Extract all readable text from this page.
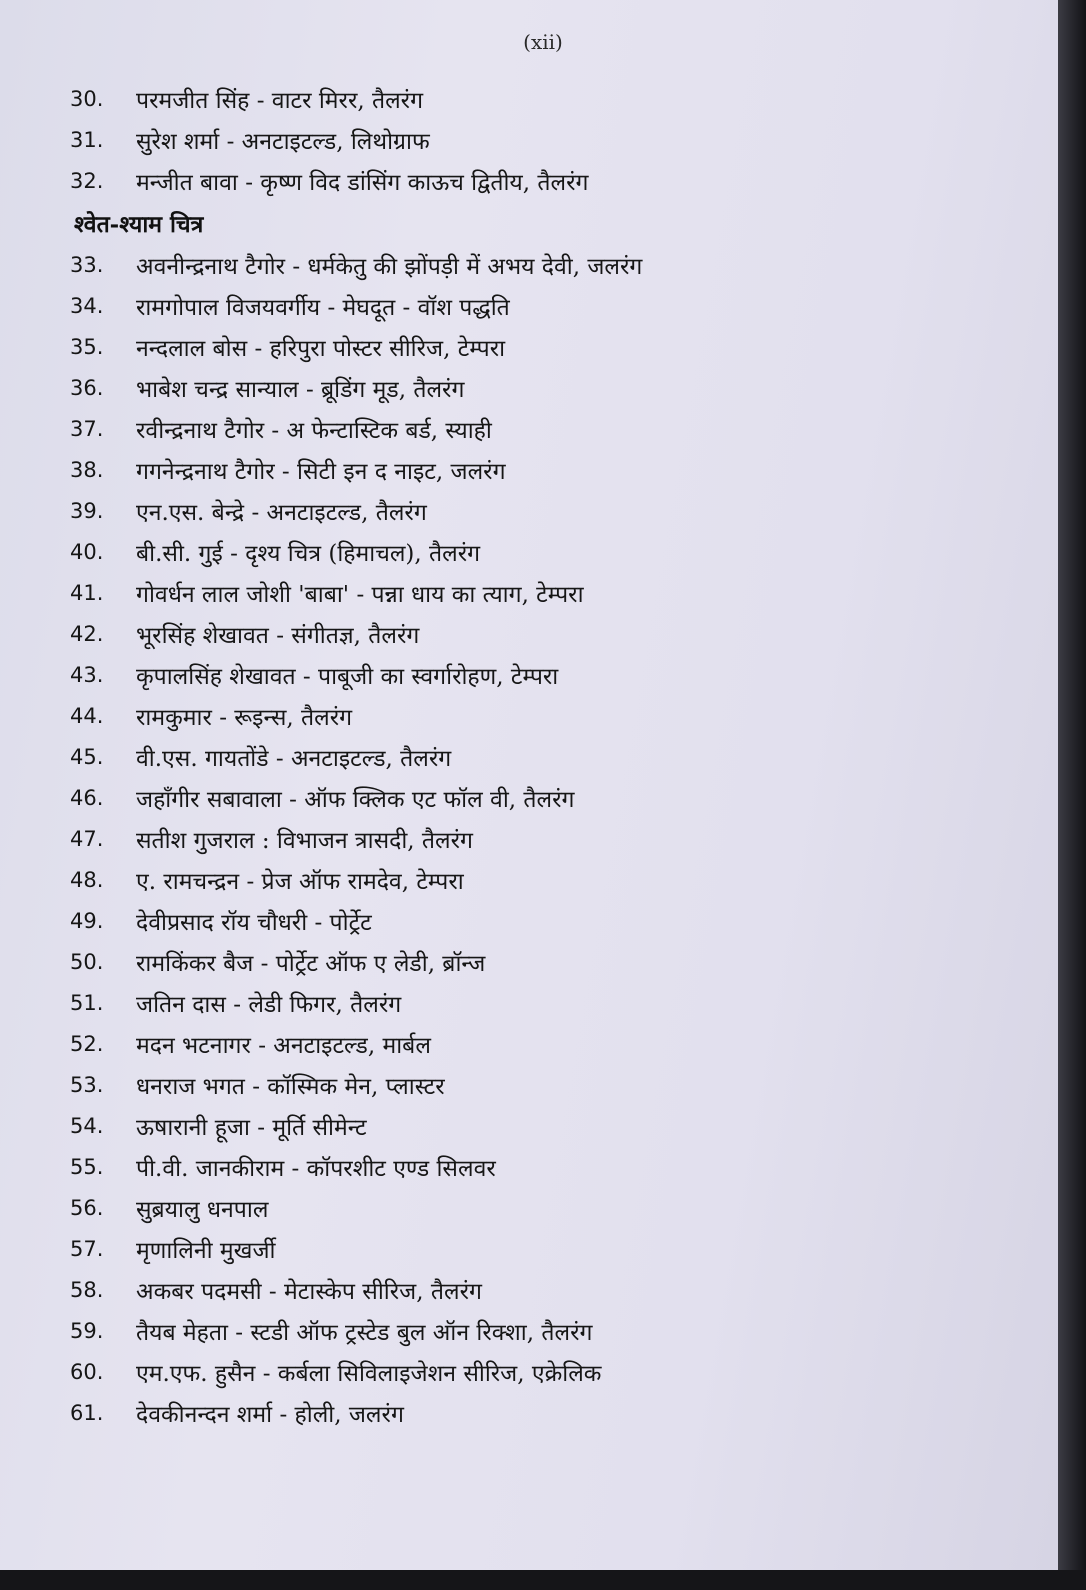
(xii)
30.	परमजीत सिंह - वाटर मिरर, तैलरंग
31.	सुरेश शर्मा - अनटाइटल्ड, लिथोग्राफ
32.	मन्जीत बावा - कृष्ण विद डांसिंग काऊच द्वितीय, तैलरंग
श्वेत-श्याम चित्र
33.	अवनीन्द्रनाथ टैगोर - धर्मकेतु की झोंपड़ी में अभय देवी, जलरंग
34.	रामगोपाल विजयवर्गीय - मेघदूत - वॉश पद्धति
35.	नन्दलाल बोस - हरिपुरा पोस्टर सीरिज, टेम्परा
36.	भाबेश चन्द्र सान्याल - ब्रूडिंग मूड, तैलरंग
37.	रवीन्द्रनाथ टैगोर - अ फेन्टास्टिक बर्ड, स्याही
38.	गगनेन्द्रनाथ टैगोर - सिटी इन द नाइट, जलरंग
39.	एन.एस. बेन्द्रे - अनटाइटल्ड, तैलरंग
40.	बी.सी. गुई - दृश्य चित्र (हिमाचल), तैलरंग
41.	गोवर्धन लाल जोशी 'बाबा' - पन्ना धाय का त्याग, टेम्परा
42.	भूरसिंह शेखावत - संगीतज्ञ, तैलरंग
43.	कृपालसिंह शेखावत - पाबूजी का स्वर्गारोहण, टेम्परा
44.	रामकुमार - रूइन्स, तैलरंग
45.	वी.एस. गायतोंडे - अनटाइटल्ड, तैलरंग
46.	जहाँगीर सबावाला - ऑफ क्लिक एट फॉल वी, तैलरंग
47.	सतीश गुजराल : विभाजन त्रासदी, तैलरंग
48.	ए. रामचन्द्रन - प्रेज ऑफ रामदेव, टेम्परा
49.	देवीप्रसाद रॉय चौधरी - पोर्ट्रेट
50.	रामकिंकर बैज - पोर्ट्रेट ऑफ ए लेडी, ब्रॉन्ज
51.	जतिन दास - लेडी फिगर, तैलरंग
52.	मदन भटनागर - अनटाइटल्ड, मार्बल
53.	धनराज भगत - कॉस्मिक मेन, प्लास्टर
54.	ऊषारानी हूजा - मूर्ति सीमेन्ट
55.	पी.वी. जानकीराम - कॉपरशीट एण्ड सिलवर
56.	सुब्रयालु धनपाल
57.	मृणालिनी मुखर्जी
58.	अकबर पदमसी - मेटास्केप सीरिज, तैलरंग
59.	तैयब मेहता - स्टडी ऑफ ट्रस्टेड बुल ऑन रिक्शा, तैलरंग
60.	एम.एफ. हुसैन - कर्बला सिविलाइजेशन सीरिज, एक्रेलिक
61.	देवकीनन्दन शर्मा - होली, जलरंग
